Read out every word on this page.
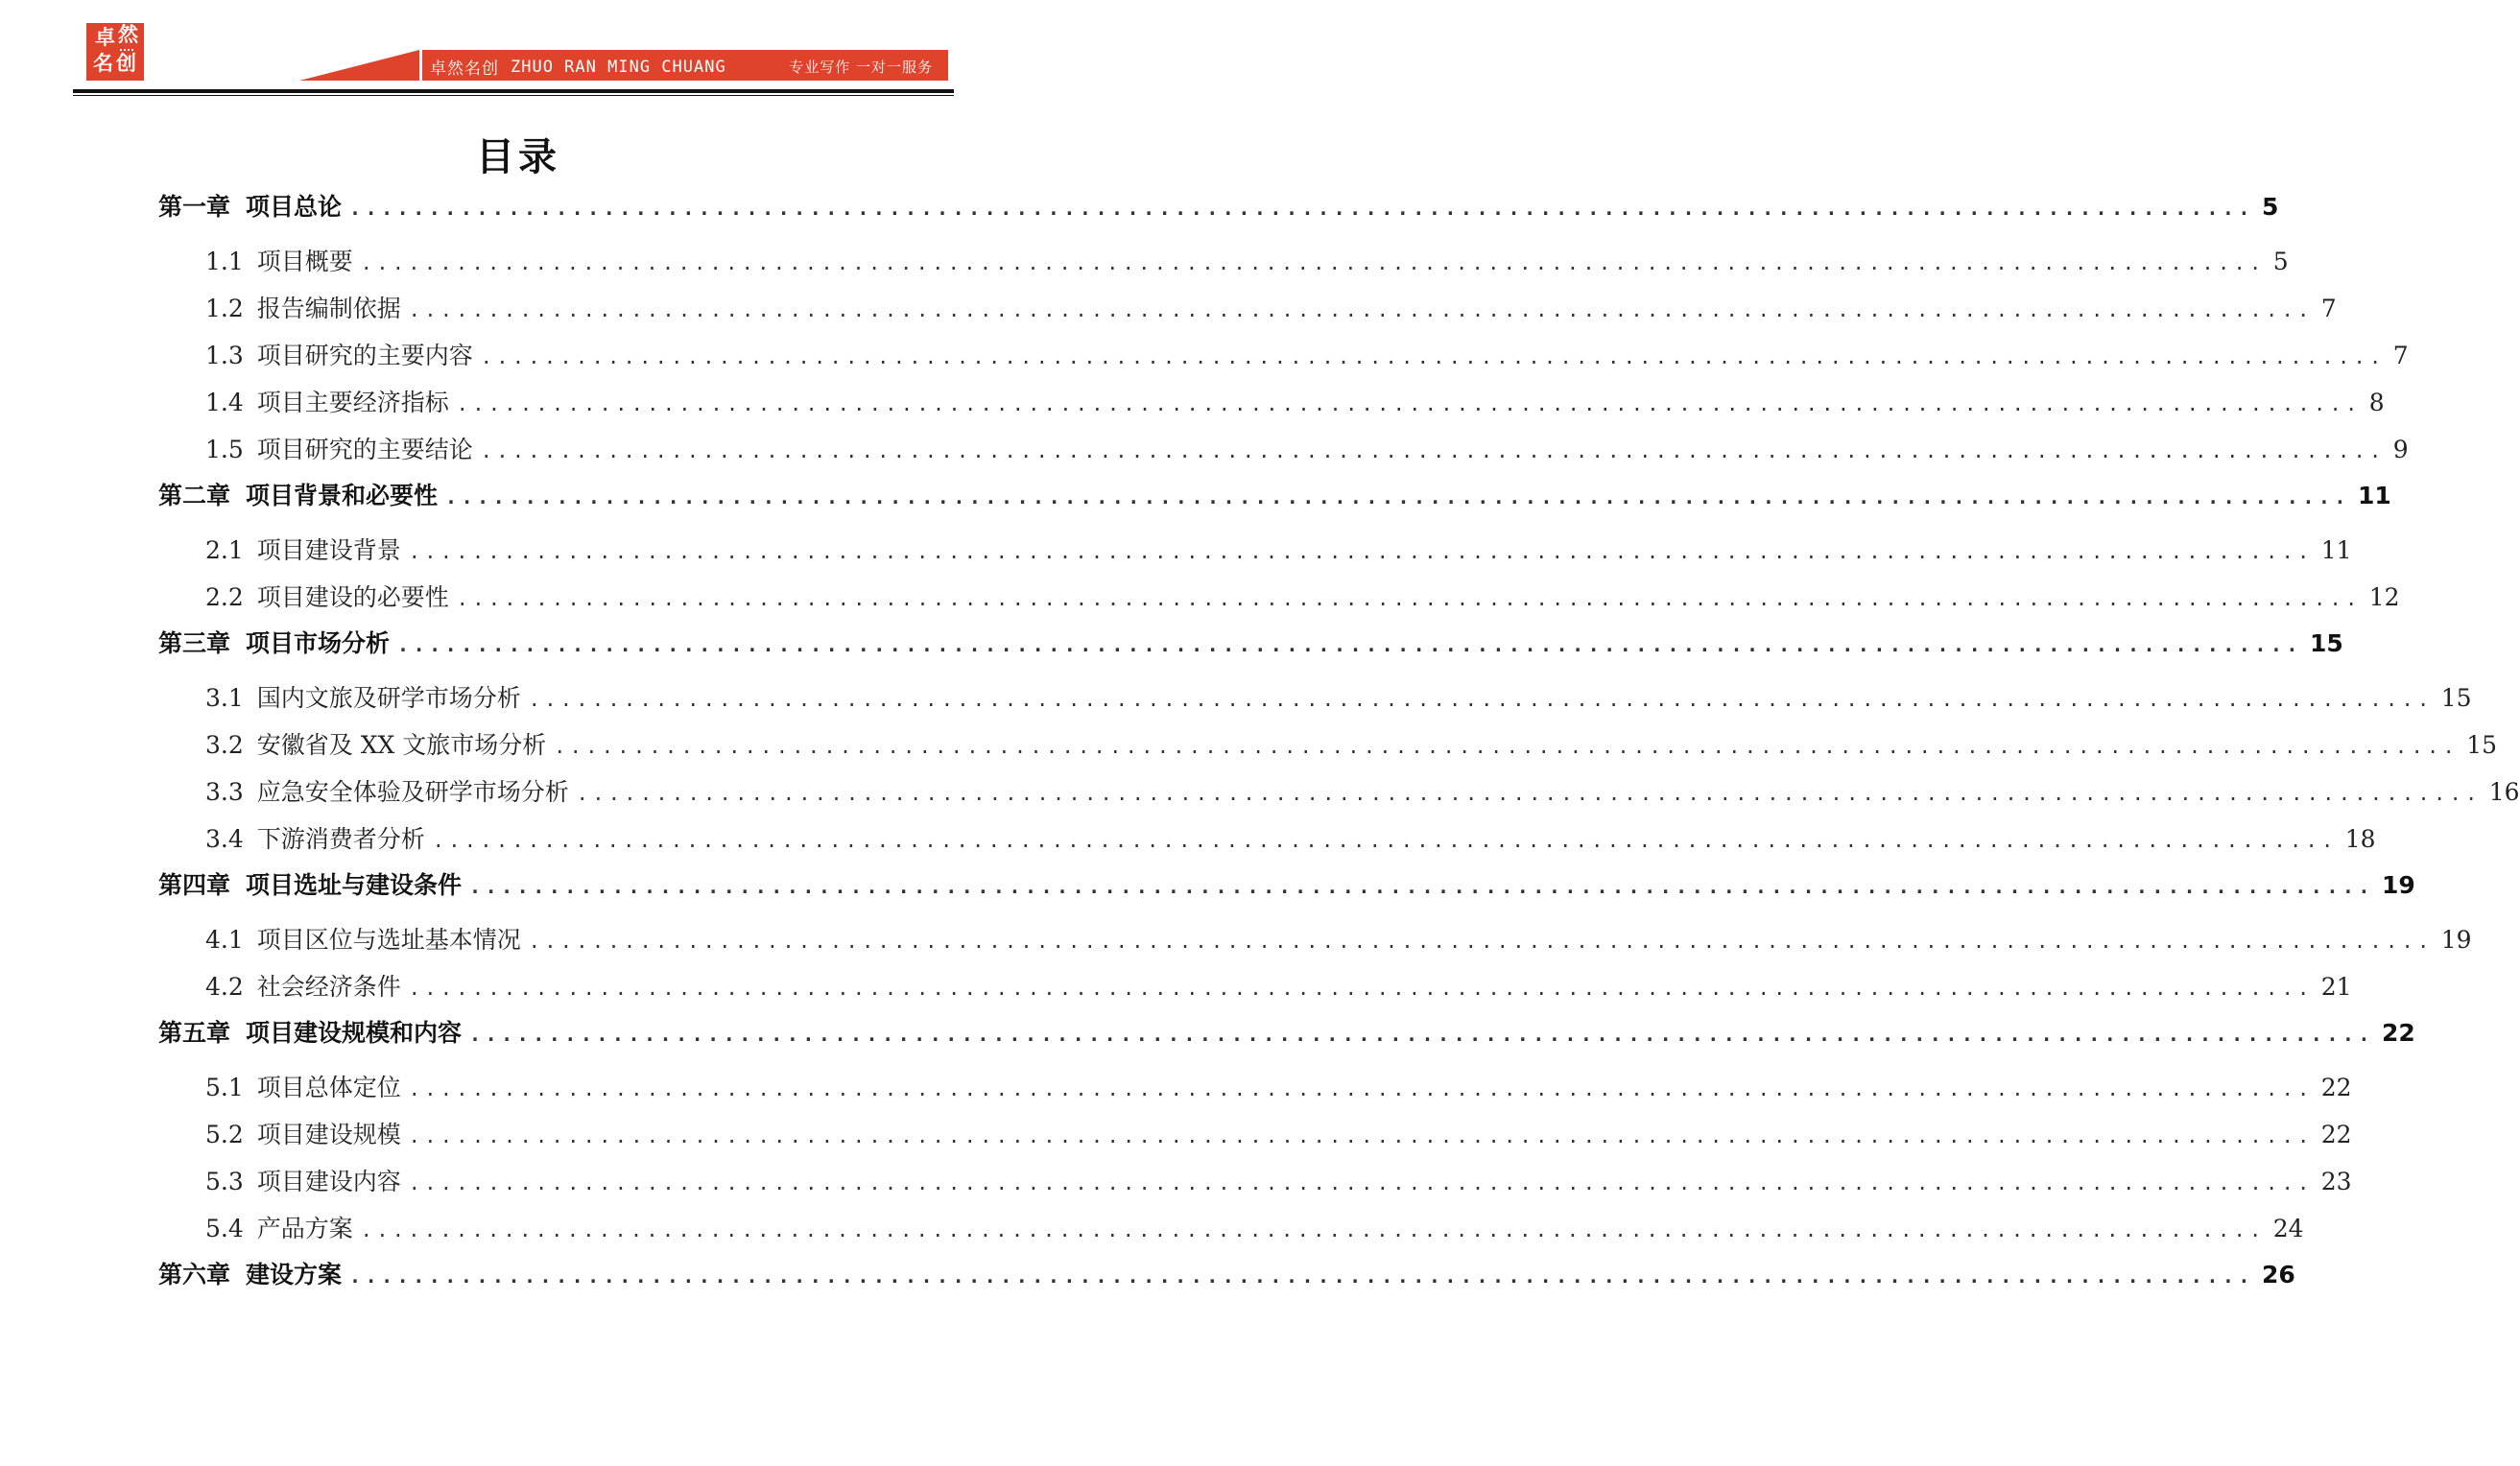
卓 然
名 创	卓然名创 ZHUO RAN MING CHUANG	专业写作 一对一服务
目录
第一章 项目总论 ........................................................................................................................ 5
1.1 项目概要 ........................................................................................................................ 5
1.2 报告编制依据 ........................................................................................................................ 7
1.3 项目研究的主要内容 ........................................................................................................................ 7
1.4 项目主要经济指标 ........................................................................................................................ 8
1.5 项目研究的主要结论 ........................................................................................................................ 9
第二章 项目背景和必要性 ........................................................................................................................ 11
2.1 项目建设背景 ........................................................................................................................ 11
2.2 项目建设的必要性 ........................................................................................................................ 12
第三章 项目市场分析 ........................................................................................................................ 15
3.1 国内文旅及研学市场分析 ........................................................................................................................ 15
3.2 安徽省及 XX 文旅市场分析 ........................................................................................................................ 15
3.3 应急安全体验及研学市场分析 ........................................................................................................................ 16
3.4 下游消费者分析 ........................................................................................................................ 18
第四章 项目选址与建设条件 ........................................................................................................................ 19
4.1 项目区位与选址基本情况 ........................................................................................................................ 19
4.2 社会经济条件 ........................................................................................................................ 21
第五章 项目建设规模和内容 ........................................................................................................................ 22
5.1 项目总体定位 ........................................................................................................................ 22
5.2 项目建设规模 ........................................................................................................................ 22
5.3 项目建设内容 ........................................................................................................................ 23
5.4 产品方案 ........................................................................................................................ 24
第六章 建设方案 ........................................................................................................................ 26
